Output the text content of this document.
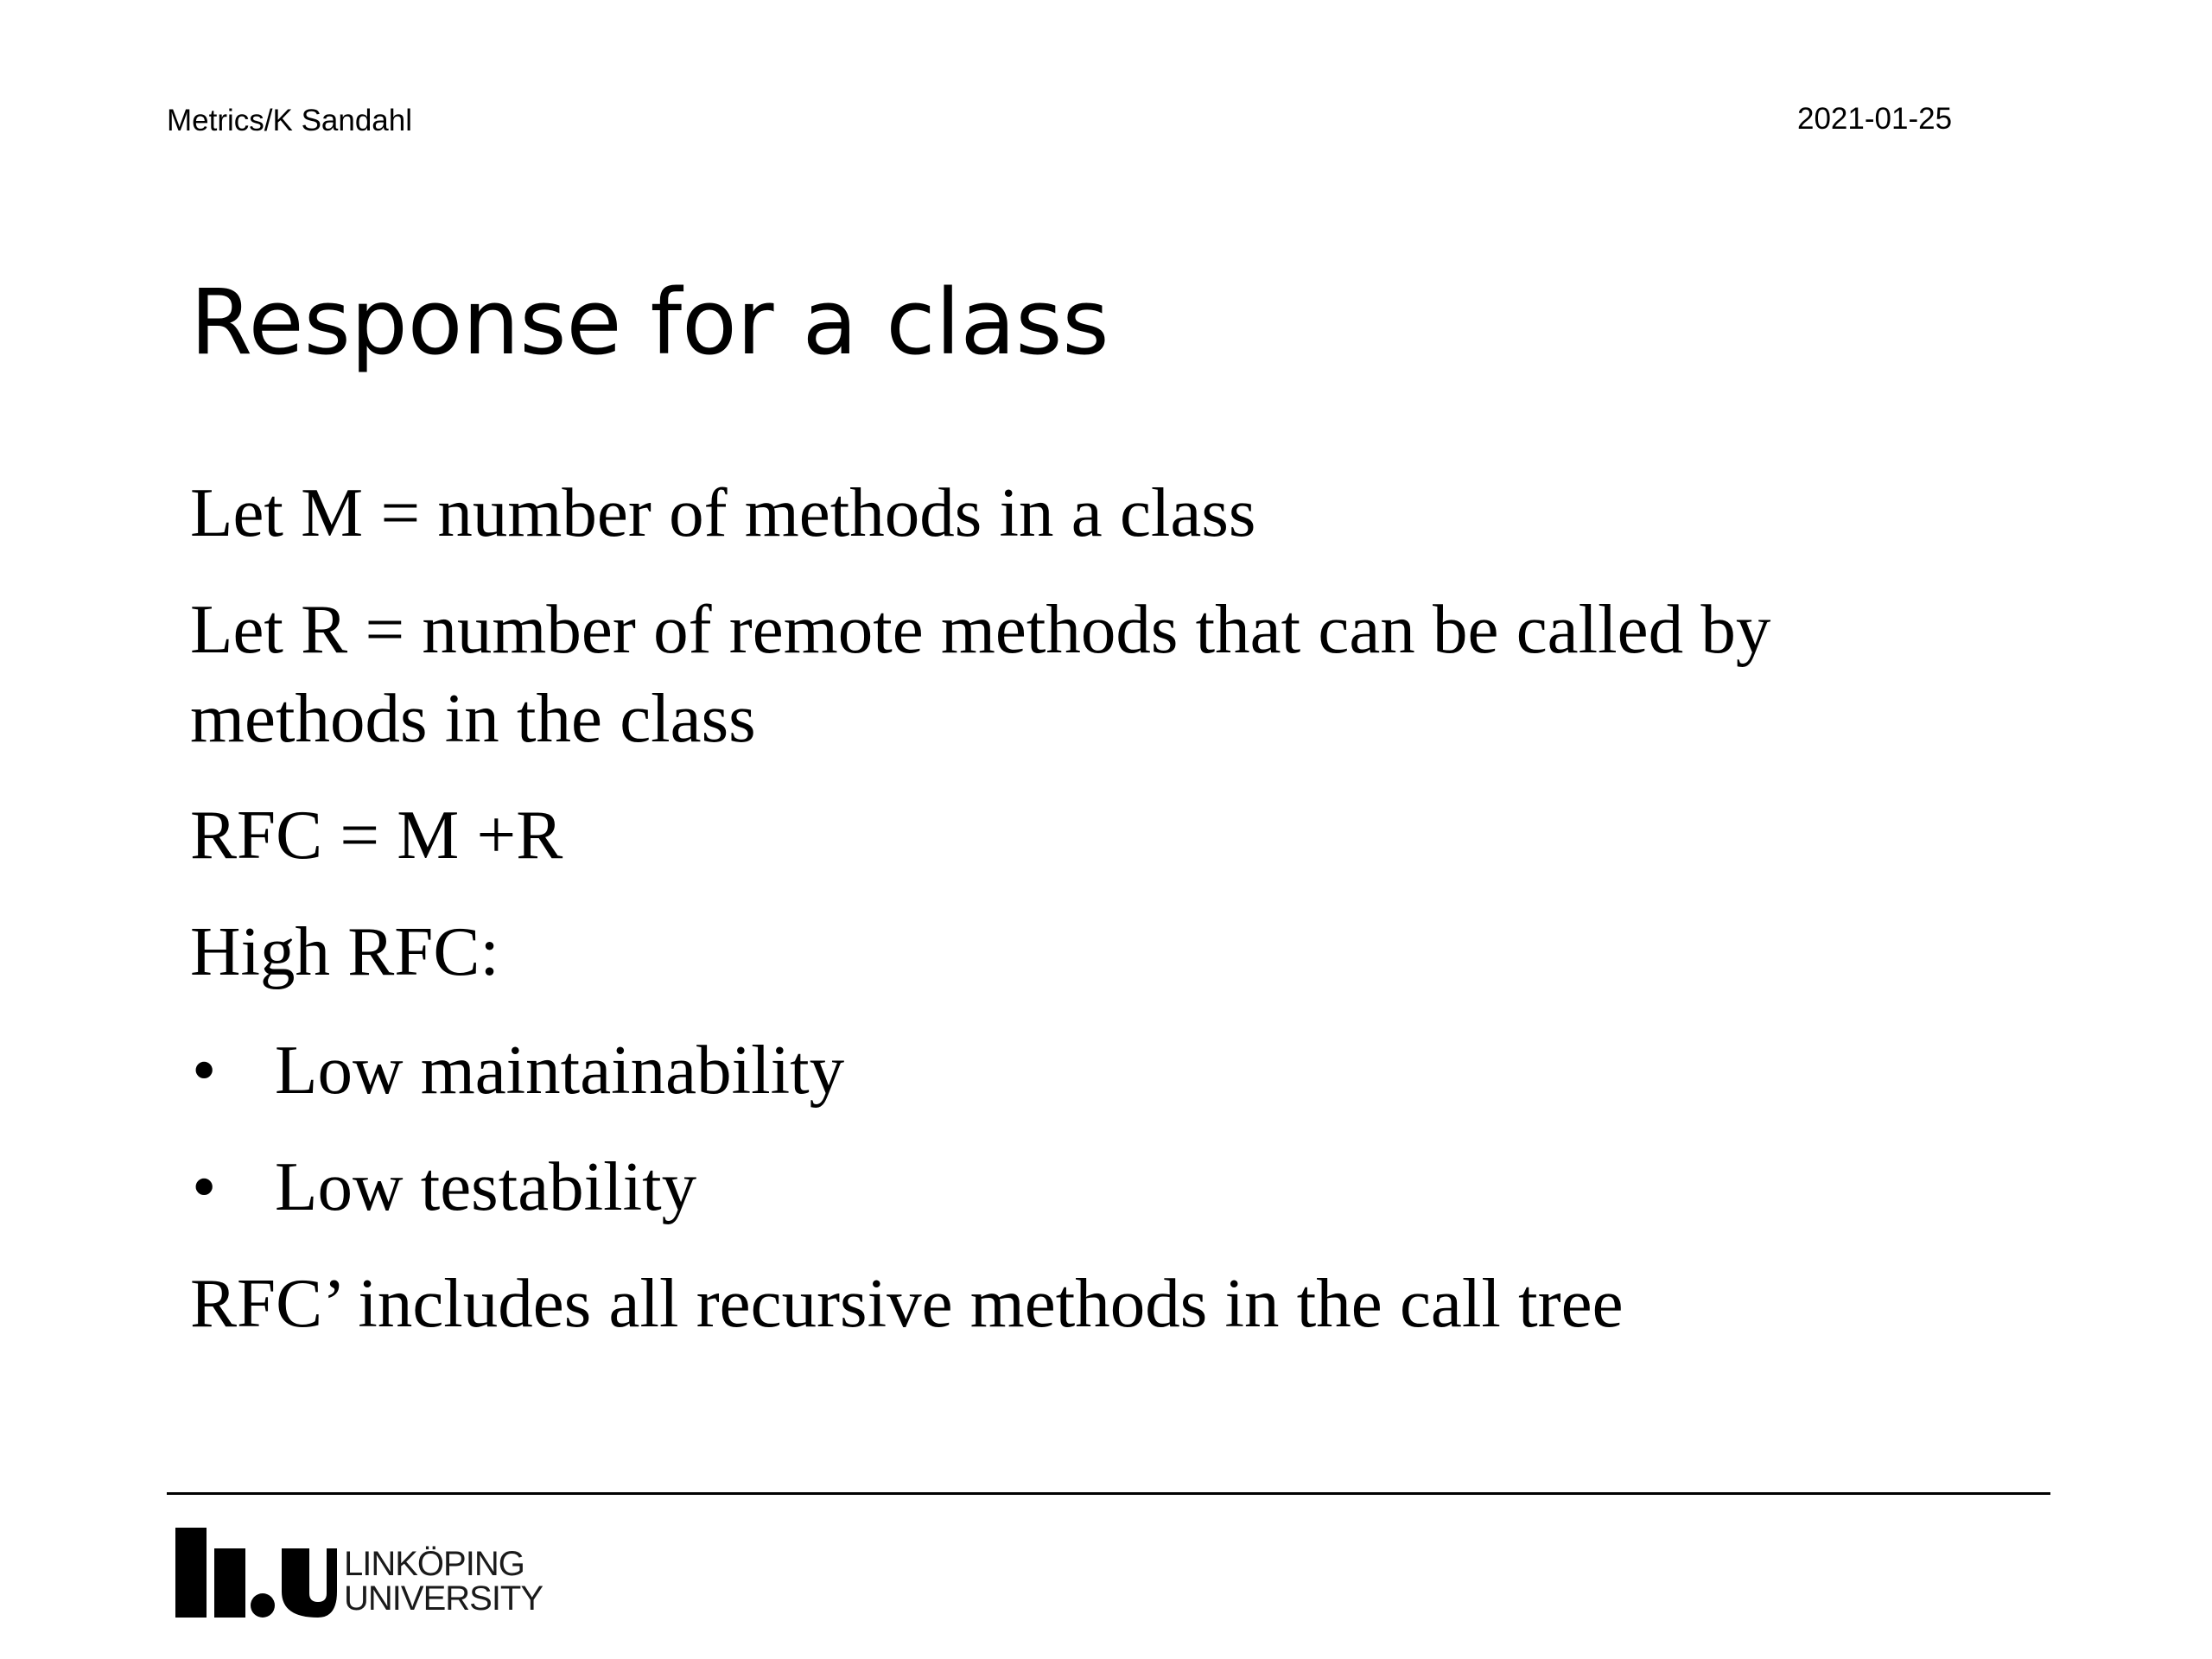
Metrics/K Sandahl	2021-01-25
Response for a class
Let M = number of methods in a class
Let R = number of remote methods that can be called by
methods in the class
RFC = M +R
High RFC:
• Low maintainability
• Low testability
RFC’ includes all recursive methods in the call tree
LINKÖPING
UNIVERSITY
